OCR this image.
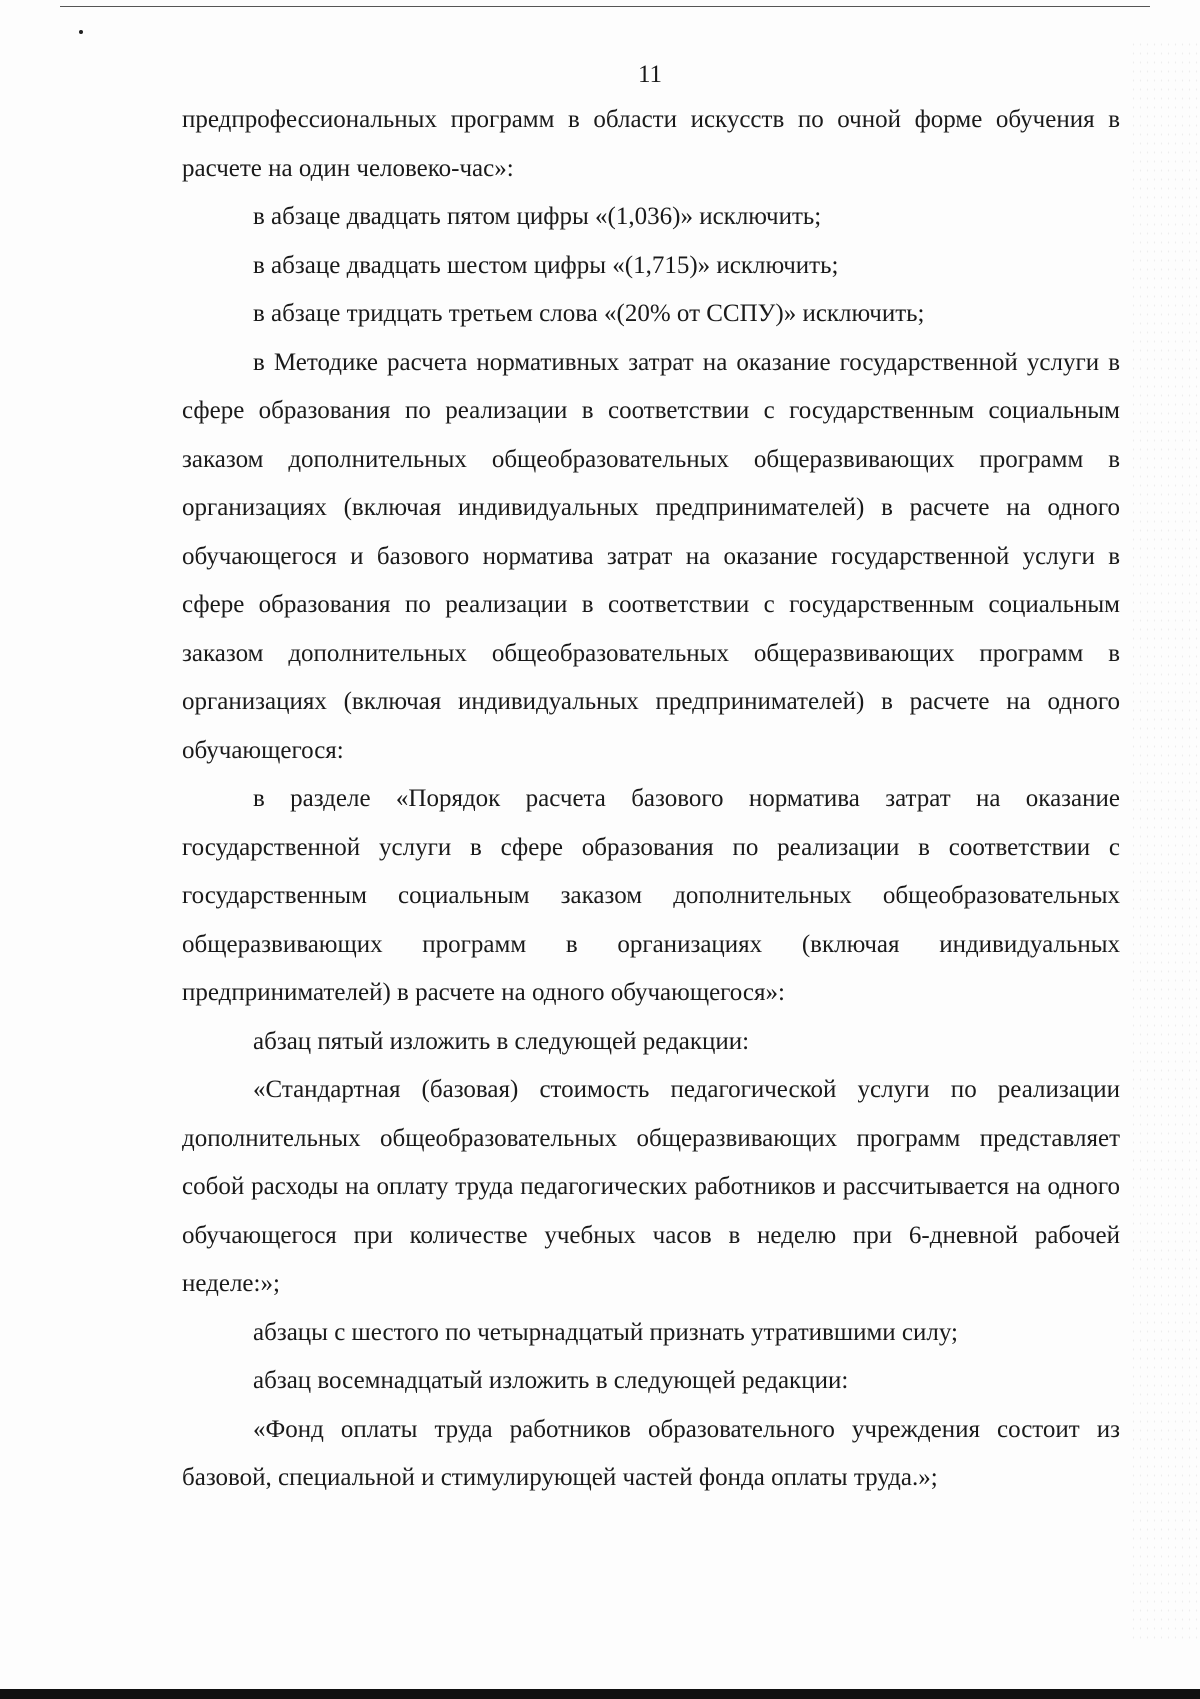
11

предпрофессиональных программ в области искусств по очной форме обучения в расчете на один человеко-час»:

в абзаце двадцать пятом цифры «(1,036)» исключить;

в абзаце двадцать шестом цифры «(1,715)» исключить;

в абзаце тридцать третьем слова «(20% от ССПУ)» исключить;

в Методике расчета нормативных затрат на оказание государственной услуги в сфере образования по реализации в соответствии с государственным социальным заказом дополнительных общеобразовательных общеразвивающих программ в организациях (включая индивидуальных предпринимателей) в расчете на одного обучающегося и базового норматива затрат на оказание государственной услуги в сфере образования по реализации в соответствии с государственным социальным заказом дополнительных общеобразовательных общеразвивающих программ в организациях (включая индивидуальных предпринимателей) в расчете на одного обучающегося:

в разделе «Порядок расчета базового норматива затрат на оказание государственной услуги в сфере образования по реализации в соответствии с государственным социальным заказом дополнительных общеобразовательных общеразвивающих программ в организациях (включая индивидуальных предпринимателей) в расчете на одного обучающегося»:

абзац пятый изложить в следующей редакции:

«Стандартная (базовая) стоимость педагогической услуги по реализации дополнительных общеобразовательных общеразвивающих программ представляет собой расходы на оплату труда педагогических работников и рассчитывается на одного обучающегося при количестве учебных часов в неделю при 6-дневной рабочей неделе:»;

абзацы с шестого по четырнадцатый признать утратившими силу;

абзац восемнадцатый изложить в следующей редакции:

«Фонд оплаты труда работников образовательного учреждения состоит из базовой, специальной и стимулирующей частей фонда оплаты труда.»;
